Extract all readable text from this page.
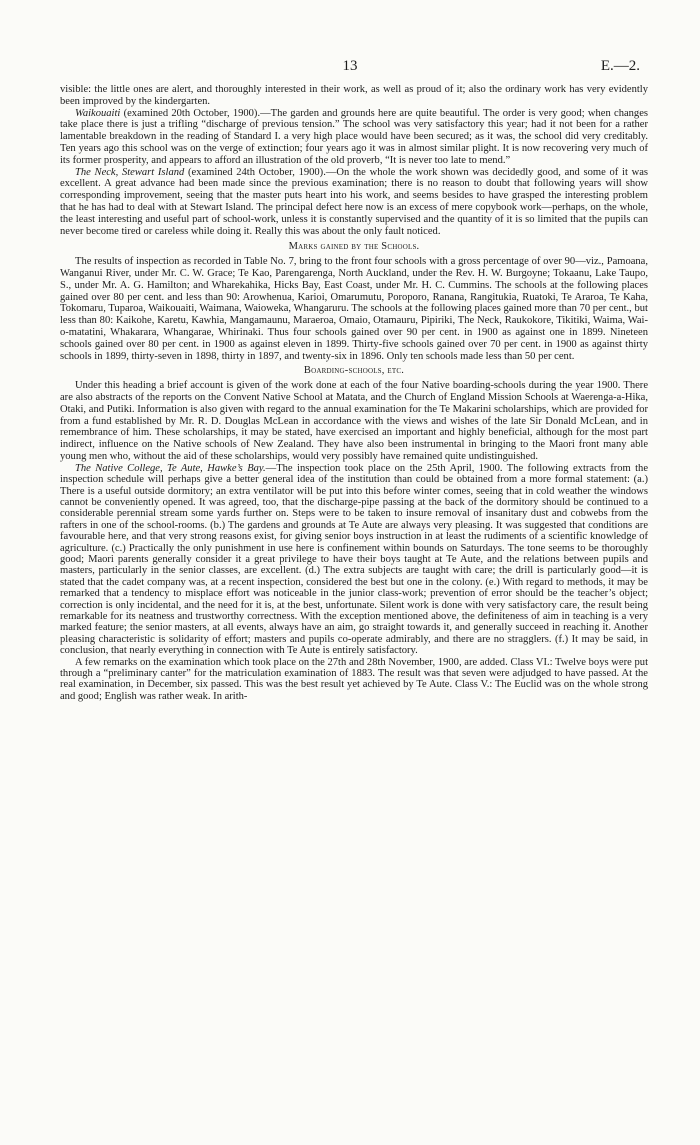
13	E.—2.

visible: the little ones are alert, and thoroughly interested in their work, as well as proud of it; also the ordinary work has very evidently been improved by the kindergarten.

Waikouaiti (examined 20th October, 1900).—The garden and grounds here are quite beautiful. The order is very good; when changes take place there is just a trifling “discharge of previous tension.” The school was very satisfactory this year; had it not been for a rather lamentable breakdown in the reading of Standard I. a very high place would have been secured; as it was, the school did very creditably. Ten years ago this school was on the verge of extinction; four years ago it was in almost similar plight. It is now recovering very much of its former prosperity, and appears to afford an illustration of the old proverb, “It is never too late to mend.”

The Neck, Stewart Island (examined 24th October, 1900).—On the whole the work shown was decidedly good, and some of it was excellent. A great advance had been made since the previous examination; there is no reason to doubt that following years will show corresponding improvement, seeing that the master puts heart into his work, and seems besides to have grasped the interesting problem that he has had to deal with at Stewart Island. The principal defect here now is an excess of mere copybook work—perhaps, on the whole, the least interesting and useful part of school-work, unless it is constantly supervised and the quantity of it is so limited that the pupils can never become tired or careless while doing it. Really this was about the only fault noticed.

Marks gained by the Schools.

The results of inspection as recorded in Table No. 7, bring to the front four schools with a gross percentage of over 90—viz., Pamoana, Wanganui River, under Mr. C. W. Grace; Te Kao, Parengarenga, North Auckland, under the Rev. H. W. Burgoyne; Tokaanu, Lake Taupo, S., under Mr. A. G. Hamilton; and Wharekahika, Hicks Bay, East Coast, under Mr. H. C. Cummins. The schools at the following places gained over 80 per cent. and less than 90: Arowhenua, Karioi, Omarumutu, Poroporo, Ranana, Rangitukia, Ruatoki, Te Araroa, Te Kaha, Tokomaru, Tuparoa, Waikouaiti, Waimana, Waioweka, Whangaruru. The schools at the following places gained more than 70 per cent., but less than 80: Kaikohe, Karetu, Kawhia, Mangamaunu, Maraeroa, Omaio, Otamauru, Pipiriki, The Neck, Raukokore, Tikitiki, Waima, Wai-o-matatini, Whakarara, Whangarae, Whirinaki. Thus four schools gained over 90 per cent. in 1900 as against one in 1899. Nineteen schools gained over 80 per cent. in 1900 as against eleven in 1899. Thirty-five schools gained over 70 per cent. in 1900 as against thirty schools in 1899, thirty-seven in 1898, thirty in 1897, and twenty-six in 1896. Only ten schools made less than 50 per cent.

Boarding-schools, etc.

Under this heading a brief account is given of the work done at each of the four Native boarding-schools during the year 1900. There are also abstracts of the reports on the Convent Native School at Matata, and the Church of England Mission Schools at Waerenga-a-Hika, Otaki, and Putiki. Information is also given with regard to the annual examination for the Te Makarini scholarships, which are provided for from a fund established by Mr. R. D. Douglas McLean in accordance with the views and wishes of the late Sir Donald McLean, and in remembrance of him. These scholarships, it may be stated, have exercised an important and highly beneficial, although for the most part indirect, influence on the Native schools of New Zealand. They have also been instrumental in bringing to the Maori front many able young men who, without the aid of these scholarships, would very possibly have remained quite undistinguished.

The Native College, Te Aute, Hawke’s Bay.—The inspection took place on the 25th April, 1900. The following extracts from the inspection schedule will perhaps give a better general idea of the institution than could be obtained from a more formal statement: (a.) There is a useful outside dormitory; an extra ventilator will be put into this before winter comes, seeing that in cold weather the windows cannot be conveniently opened. It was agreed, too, that the discharge-pipe passing at the back of the dormitory should be continued to a considerable perennial stream some yards further on. Steps were to be taken to insure removal of insanitary dust and cobwebs from the rafters in one of the school-rooms. (b.) The gardens and grounds at Te Aute are always very pleasing. It was suggested that conditions are favourable here, and that very strong reasons exist, for giving senior boys instruction in at least the rudiments of a scientific knowledge of agriculture. (c.) Practically the only punishment in use here is confinement within bounds on Saturdays. The tone seems to be thoroughly good; Maori parents generally consider it a great privilege to have their boys taught at Te Aute, and the relations between pupils and masters, particularly in the senior classes, are excellent. (d.) The extra subjects are taught with care; the drill is particularly good—it is stated that the cadet company was, at a recent inspection, considered the best but one in the colony. (e.) With regard to methods, it may be remarked that a tendency to misplace effort was noticeable in the junior class-work; prevention of error should be the teacher’s object; correction is only incidental, and the need for it is, at the best, unfortunate. Silent work is done with very satisfactory care, the result being remarkable for its neatness and trustworthy correctness. With the exception mentioned above, the definiteness of aim in teaching is a very marked feature; the senior masters, at all events, always have an aim, go straight towards it, and generally succeed in reaching it. Another pleasing characteristic is solidarity of effort; masters and pupils co-operate admirably, and there are no stragglers. (f.) It may be said, in conclusion, that nearly everything in connection with Te Aute is entirely satisfactory.

A few remarks on the examination which took place on the 27th and 28th November, 1900, are added. Class VI.: Twelve boys were put through a “preliminary canter” for the matriculation examination of 1883. The result was that seven were adjudged to have passed. At the real examination, in December, six passed. This was the best result yet achieved by Te Aute. Class V.: The Euclid was on the whole strong and good; English was rather weak. In arith-
